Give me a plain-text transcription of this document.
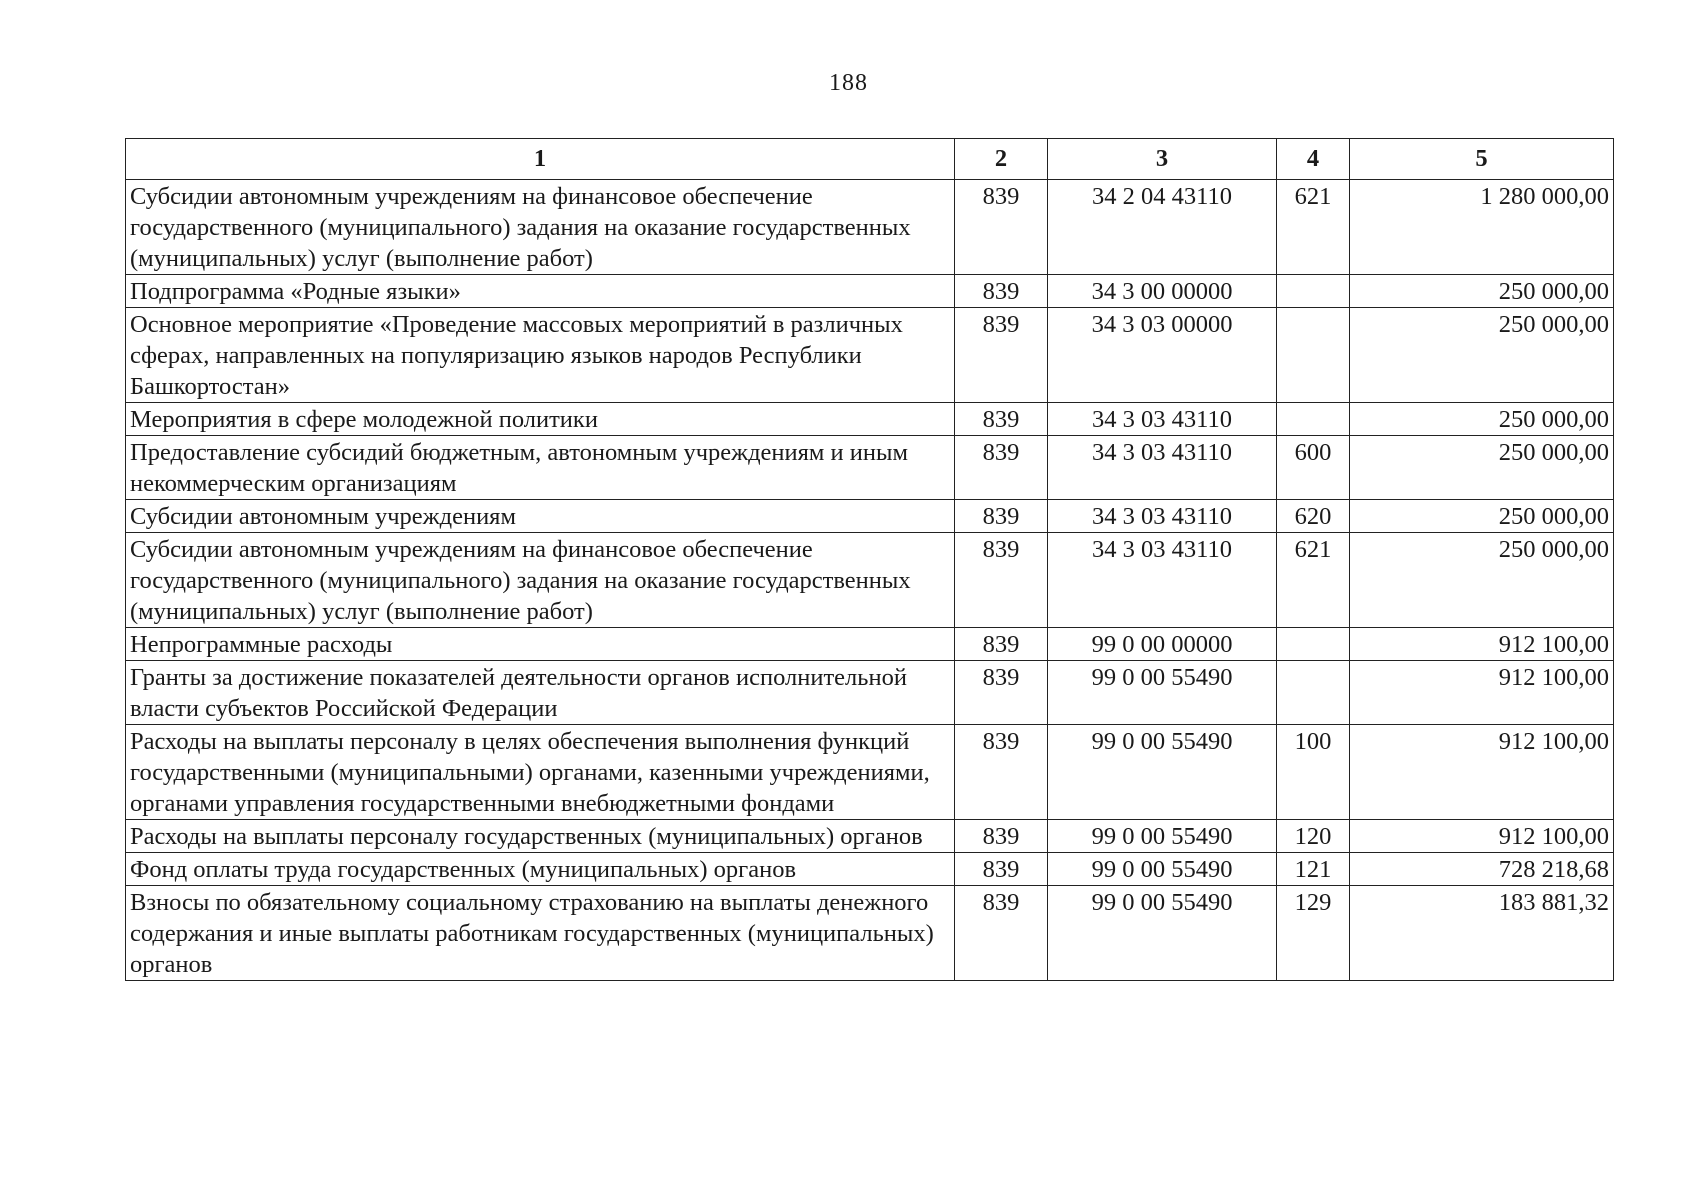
188
1	2	3	4	5
Субсидии автономным учреждениям на финансовое обеспечение государственного (муниципального) задания на оказание государственных (муниципальных) услуг (выполнение работ)	839	34 2 04 43110	621	1 280 000,00
Подпрограмма «Родные языки»	839	34 3 00 00000		250 000,00
Основное мероприятие «Проведение массовых мероприятий в различных сферах, направленных на популяризацию языков народов Республики Башкортостан»	839	34 3 03 00000		250 000,00
Мероприятия в сфере молодежной политики	839	34 3 03 43110		250 000,00
Предоставление субсидий бюджетным, автономным учреждениям и иным некоммерческим организациям	839	34 3 03 43110	600	250 000,00
Субсидии автономным учреждениям	839	34 3 03 43110	620	250 000,00
Субсидии автономным учреждениям на финансовое обеспечение государственного (муниципального) задания на оказание государственных (муниципальных) услуг (выполнение работ)	839	34 3 03 43110	621	250 000,00
Непрограммные расходы	839	99 0 00 00000		912 100,00
Гранты за достижение показателей деятельности органов исполнительной власти субъектов Российской Федерации	839	99 0 00 55490		912 100,00
Расходы на выплаты персоналу в целях обеспечения выполнения функций государственными (муниципальными) органами, казенными учреждениями, органами управления государственными внебюджетными фондами	839	99 0 00 55490	100	912 100,00
Расходы на выплаты персоналу государственных (муниципальных) органов	839	99 0 00 55490	120	912 100,00
Фонд оплаты труда государственных (муниципальных) органов	839	99 0 00 55490	121	728 218,68
Взносы по обязательному социальному страхованию на выплаты денежного содержания и иные выплаты работникам государственных (муниципальных) органов	839	99 0 00 55490	129	183 881,32
